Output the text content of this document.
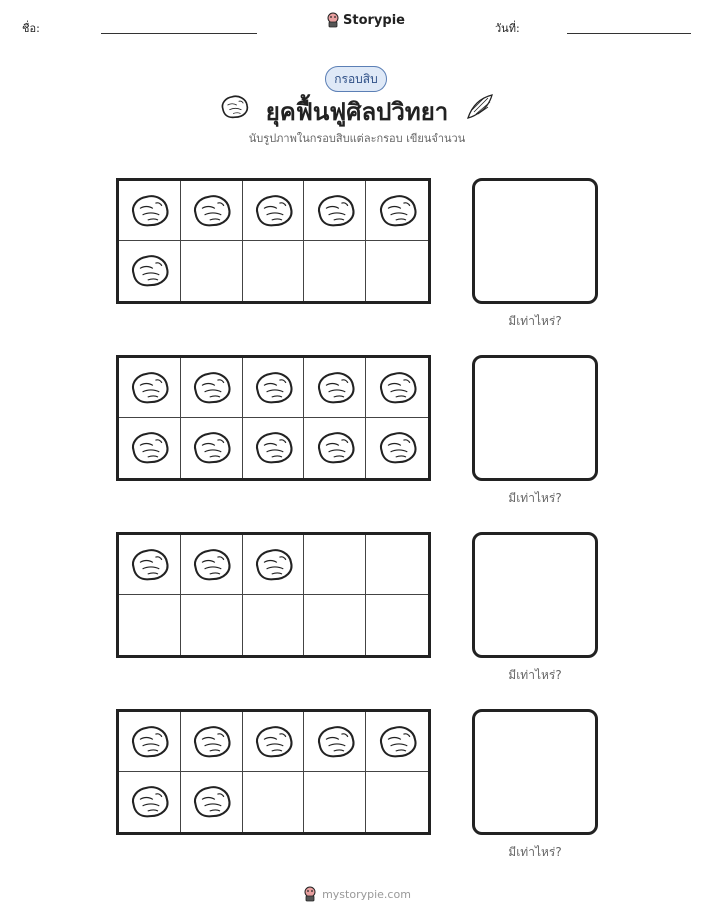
ชื่อ:
Storypie
วันที่:
กรอบสิบ
ยุคฟื้นฟูศิลปวิทยา
นับรูปภาพในกรอบสิบแต่ละกรอบ เขียนจำนวน
มีเท่าไหร่?
มีเท่าไหร่?
มีเท่าไหร่?
มีเท่าไหร่?
mystorypie.com
